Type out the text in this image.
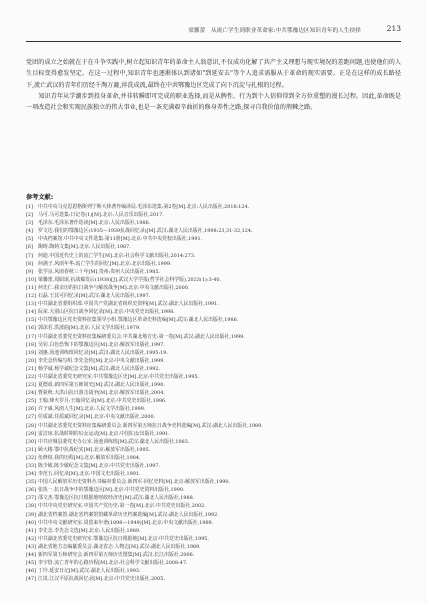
梁馨蕾　从流亡学生到职业革命家:中共鄂豫边区知识青年的人生抉择	213

党团的成立之始就在于在斗争实践中,树立起知识青年的革命主人翁意识,不仅成功化解了共产主义理想与现实境况的差距问题,也使他们的人生目标变得愈发坚定。在这一过程中,知识青年也逐渐体认到诸如"到延安去"等个人追求需服从于革命的现实需要。正是在这样的成长路径下,流亡武汉的青年们历经千淘万漉,淬洗成流,最终在中共鄂豫边区完成了向下沉淀与扎根的过程。

知识青年从学潮步到投身革命,并非转瞬即可完成的职业选择,而是从脾性、行为到个人信仰得到全方位重塑的漫长过程。因此,革命既是一项改造社会和实现民族独立的伟大事业,也是一条充满艰辛曲折的修身养性之路,探寻自我价值的荆棘之路。

参考文献:
[1]	中共中央马克思恩格斯列宁斯大林著作编译局.毛泽东选集:第2卷[M].北京:人民出版社,2018:124.
[2]	马可.马可选集:日记卷(1)[M].北京:人民音乐出版社,2017.
[3]	毛泽东.毛泽东著作选读[M].北京:人民出版社,1986.
[4]	罗文达.我们的鄂豫边区(1935—1939抗战回忆录)[M].武汉:湖北人民出版社,1998:23,31-32,124.
[5]	中央档案馆.中共中央文件选集:第11册[M].北京:中共中央党校出版社,1991.
[6]	陶铸.陶铸文集[M].北京:人民出版社,1987.
[7]	何迪.中国近代史上的流亡学生[M].北京:社会科学文献出版社,2014:273.
[8]	何满子.风雨年华:流亡学生的回忆[M].北京:北京出版社,1999.
[9]	张学良.风雨春秋三十年[M].贵州:贵州人民出版社,1985.
[10] 梁馨蕾,周昭珉.抗战爆发后(1938)[J].武汉大学学报(哲学社会科学版),2023(1):3-40.
[11] 何先仁.我亲历的抗日战争与解放战争[M].北京:中央文献出版社,2000.
[12] 石磊.王其可回忆录[M].武汉:湖北人民出版社,1997.
[13] 中共湖北省委组织部.中国共产党湖北省组织史资料[M].武汉:湖北人民出版社,1991.
[14] 阮荣.大别山区抗日战争回忆录[M].北京:中央党史出版社,1998.
[15] 中共鄂豫边区党史资料征集领导小组.鄂豫边区革命史料选编[M].武汉:湖北人民出版社,1986.
[16] 郭沫若.洪波曲[M].北京:人民文学出版社,1979.
[17] 中共湖北省委党史资料征集编研委员会.中共湖北地方史:第一卷[M].武汉:湖北人民出版社,1999.
[18] 吴钊.白色恐怖下的鄂豫边区[M].北京:解放军出版社,1997.
[19] 刘惠.汤池训练班回忆录[M].武汉:湖北人民出版社,1995:19.
[20] 李先念传编写组.李先念传[M].北京:中央文献出版社,1999.
[21] 杨学诚.杨学诚纪念文集[M].武汉:湖北人民出版社,1992.
[22] 中共湖北省委党史研究室.中共鄂豫边区史[M].北京:中共党史出版社,1995.
[23] 夏德成.新四军第五师简史[M].武汉:湖北人民出版社,1990.
[24] 曹荻秋.大洪山抗日游击战争[M].北京:解放军出版社,2004.
[25] 王翰.烽火岁月:王翰回忆录[M].北京:中共党史出版社,1996.
[26] 许子威.风雨人生[M].北京:人民文学出版社,1999.
[27] 任质斌.任质斌回忆录[M].北京:中央文献出版社,2000.
[28] 中共湖北省委党史资料征集编研委员会.新四军第五师抗日战争史料选编[M].武汉:湖北人民出版社,1989.
[29] 雷洁琼.抗战时期的妇女运动[M].北京:中国妇女出版社,1991.
[30] 中共应城县委党史办公室.汤池训练班[M].武汉:湖北人民出版社,1983.
[31] 顾大椿.鄂中抗战纪实[M].北京:解放军出版社,1995.
[32] 伍修权.我的历程[M].北京:解放军出版社,1984.
[33] 陈少敏.陈少敏纪念文集[M].北京:中共党史出版社,1997.
[34] 李范五.回忆录[M].北京:中国文史出版社,1991.
[35] 中国人民解放军历史资料丛书编审委员会.新四军·回忆史料[M].北京:解放军出版社,1990.
[36] 张执一.抗日战争中的鄂豫边区[M].北京:中共党史资料出版社,1990.
[37] 邵文杰.鄂豫边区抗日根据地财政经济史[M].武汉:湖北人民出版社,1988.
[38] 中共中央党史研究室.中国共产党历史:第一卷[M].北京:中共党史出版社,2002.
[39] 湖北省档案馆.湖北省档案馆馆藏革命历史档案选编[M].武汉:湖北人民出版社,1992.
[40] 中共中央文献研究室.周恩来年谱(1898—1949)[M].北京:中央文献出版社,1989.
[41] 李先念.李先念文选[M].北京:人民出版社,1989.
[42] 中共湖北省委党史研究室.鄂豫边区抗日根据地[M].北京:中共党史出版社,1995.
[43] 湖北省地方志编纂委员会.湖北省志·人物志[M].武汉:湖北人民出版社,1989.
[44] 新四军第五师研究会.新四军第五师历史图集[M].武汉:长江出版社,2006.
[45] 李宇焓.流亡青年的心路历程[M].北京:社会科学文献出版社,2008:47.
[46] 丁玲.延安日记[M].武汉:湖北人民出版社,1993.
[47] 江岚.江汉平原抗战回忆录[M].北京:中共党史出版社,2005.
